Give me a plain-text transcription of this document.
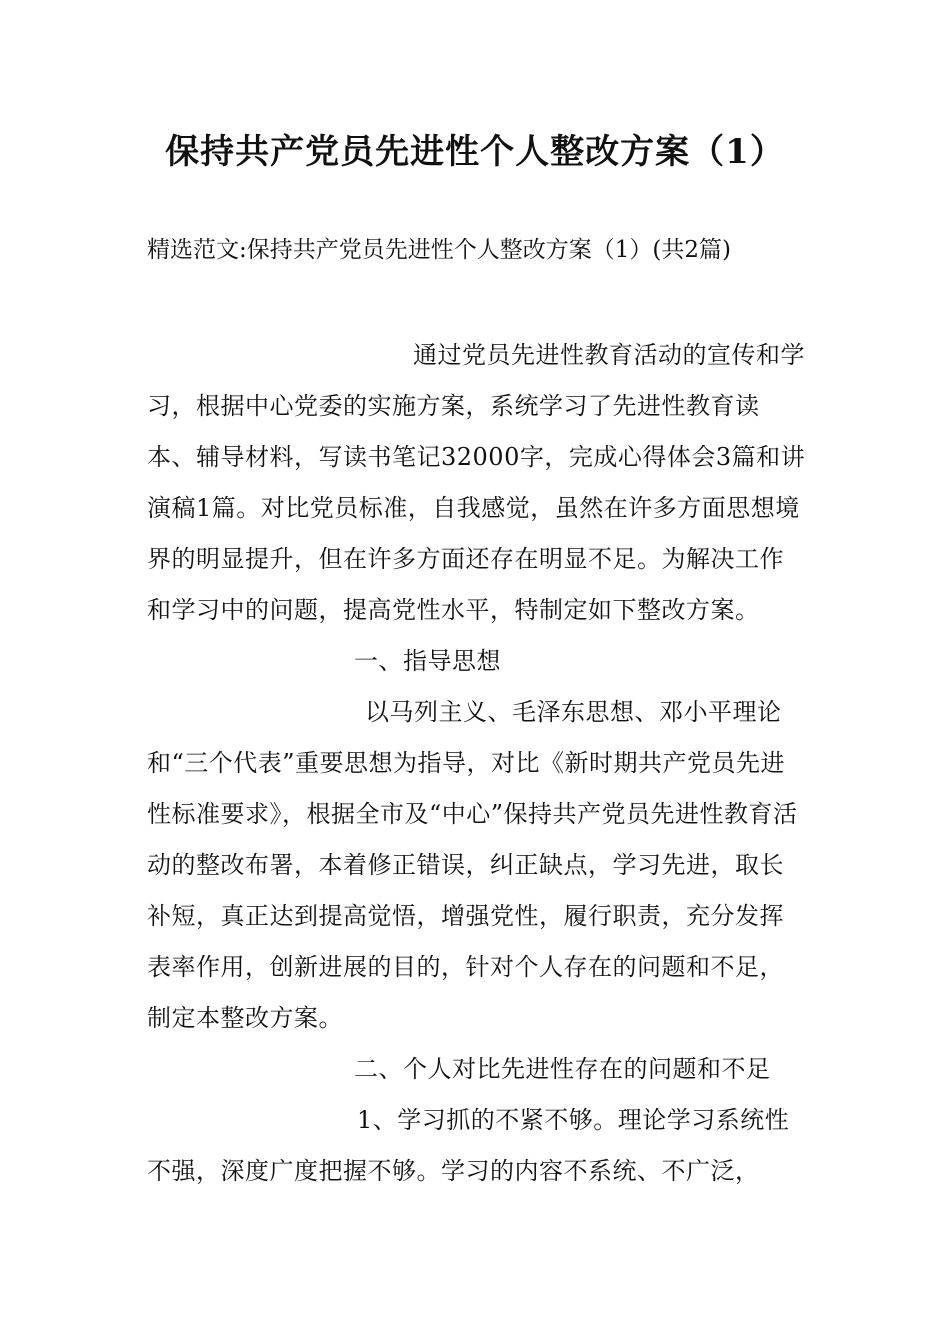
保持共产党员先进性个人整改方案（1）
精选范文:保持共产党员先进性个人整改方案（1）(共2篇)

通过党员先进性教育活动的宣传和学习，根据中心党委的实施方案，系统学习了先进性教育读本、辅导材料，写读书笔记32000字，完成心得体会3篇和讲演稿1篇。对比党员标准，自我感觉，虽然在许多方面思想境界的明显提升，但在许多方面还存在明显不足。为解决工作和学习中的问题，提高党性水平，特制定如下整改方案。

一、指导思想

以马列主义、毛泽东思想、邓小平理论和“三个代表”重要思想为指导，对比《新时期共产党员先进性标准要求》，根据全市及“中心”保持共产党员先进性教育活动的整改布署，本着修正错误，纠正缺点，学习先进，取长补短，真正达到提高觉悟，增强党性，履行职责，充分发挥表率作用，创新进展的目的，针对个人存在的问题和不足，制定本整改方案。

二、个人对比先进性存在的问题和不足

1、学习抓的不紧不够。理论学习系统性不强，深度广度把握不够。学习的内容不系统、不广泛，
